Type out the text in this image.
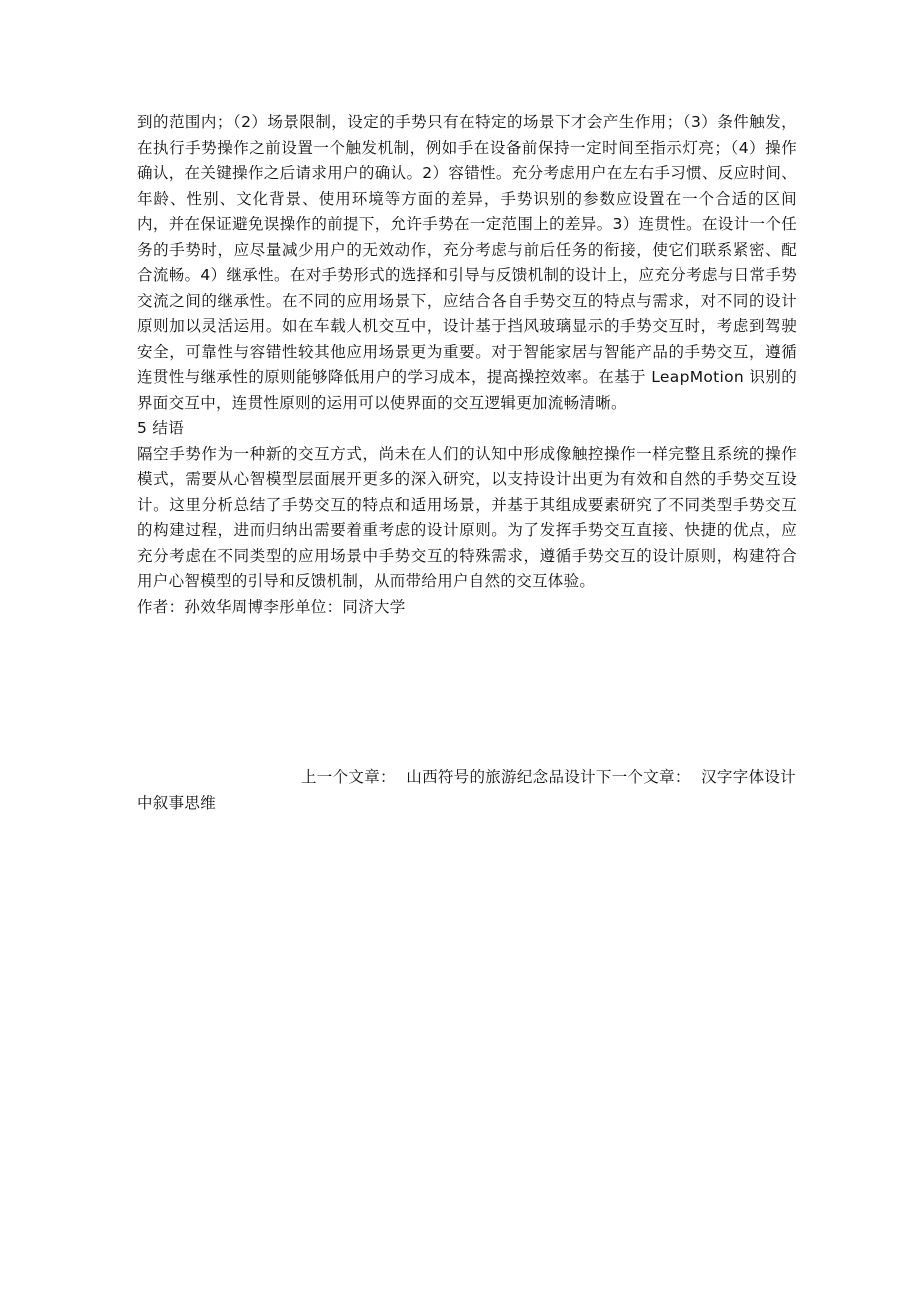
到的范围内；（2）场景限制，设定的手势只有在特定的场景下才会产生作用；（3）条件触发，在执行手势操作之前设置一个触发机制，例如手在设备前保持一定时间至指示灯亮；（4）操作确认，在关键操作之后请求用户的确认。2）容错性。充分考虑用户在左右手习惯、反应时间、年龄、性别、文化背景、使用环境等方面的差异，手势识别的参数应设置在一个合适的区间内，并在保证避免误操作的前提下，允许手势在一定范围上的差异。3）连贯性。在设计一个任务的手势时，应尽量减少用户的无效动作，充分考虑与前后任务的衔接，使它们联系紧密、配合流畅。4）继承性。在对手势形式的选择和引导与反馈机制的设计上，应充分考虑与日常手势交流之间的继承性。在不同的应用场景下，应结合各自手势交互的特点与需求，对不同的设计原则加以灵活运用。如在车载人机交互中，设计基于挡风玻璃显示的手势交互时，考虑到驾驶安全，可靠性与容错性较其他应用场景更为重要。对于智能家居与智能产品的手势交互，遵循连贯性与继承性的原则能够降低用户的学习成本，提高操控效率。在基于 LeapMotion 识别的界面交互中，连贯性原则的运用可以使界面的交互逻辑更加流畅清晰。

5 结语

隔空手势作为一种新的交互方式，尚未在人们的认知中形成像触控操作一样完整且系统的操作模式，需要从心智模型层面展开更多的深入研究，以支持设计出更为有效和自然的手势交互设计。这里分析总结了手势交互的特点和适用场景，并基于其组成要素研究了不同类型手势交互的构建过程，进而归纳出需要着重考虑的设计原则。为了发挥手势交互直接、快捷的优点，应充分考虑在不同类型的应用场景中手势交互的特殊需求，遵循手势交互的设计原则，构建符合用户心智模型的引导和反馈机制，从而带给用户自然的交互体验。

作者：孙效华周博李彤单位：同济大学

上一个文章： 山西符号的旅游纪念品设计下一个文章： 汉字字体设计中叙事思维
